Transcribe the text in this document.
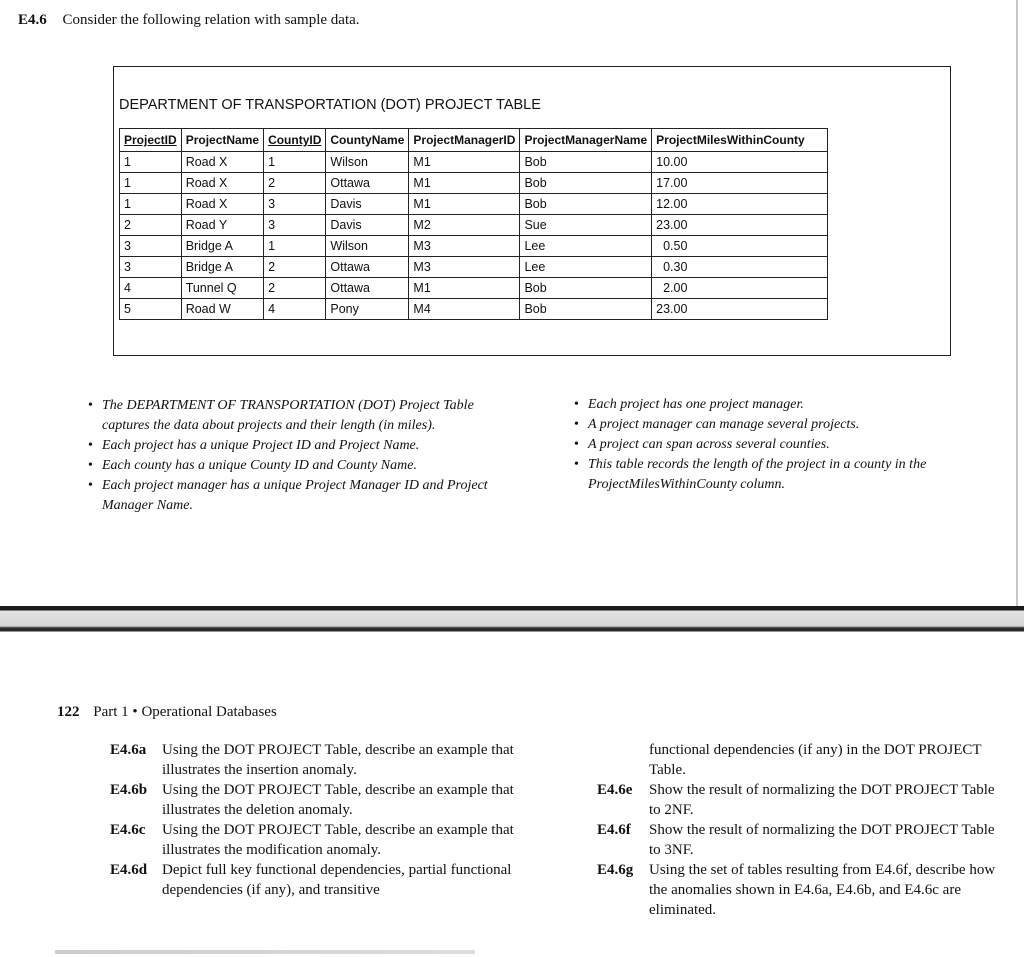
E4.6 Consider the following relation with sample data.
DEPARTMENT OF TRANSPORTATION (DOT) PROJECT TABLE
ProjectID	ProjectName	CountyID	CountyName	ProjectManagerID	ProjectManagerName	ProjectMilesWithinCounty
1	Road X	1	Wilson	M1	Bob	10.00
1	Road X	2	Ottawa	M1	Bob	17.00
1	Road X	3	Davis	M1	Bob	12.00
2	Road Y	3	Davis	M2	Sue	23.00
3	Bridge A	1	Wilson	M3	Lee	0.50
3	Bridge A	2	Ottawa	M3	Lee	0.30
4	Tunnel Q	2	Ottawa	M1	Bob	2.00
5	Road W	4	Pony	M4	Bob	23.00
• The DEPARTMENT OF TRANSPORTATION (DOT) Project Table captures the data about projects and their length (in miles).
• Each project has a unique Project ID and Project Name.
• Each county has a unique County ID and County Name.
• Each project manager has a unique Project Manager ID and Project Manager Name.
• Each project has one project manager.
• A project manager can manage several projects.
• A project can span across several counties.
• This table records the length of the project in a county in the ProjectMilesWithinCounty column.
122 Part 1 • Operational Databases
E4.6a Using the DOT PROJECT Table, describe an example that illustrates the insertion anomaly.
E4.6b Using the DOT PROJECT Table, describe an example that illustrates the deletion anomaly.
E4.6c Using the DOT PROJECT Table, describe an example that illustrates the modification anomaly.
E4.6d Depict full key functional dependencies, partial functional dependencies (if any), and transitive
functional dependencies (if any) in the DOT PROJECT Table.
E4.6e Show the result of normalizing the DOT PROJECT Table to 2NF.
E4.6f Show the result of normalizing the DOT PROJECT Table to 3NF.
E4.6g Using the set of tables resulting from E4.6f, describe how the anomalies shown in E4.6a, E4.6b, and E4.6c are eliminated.
